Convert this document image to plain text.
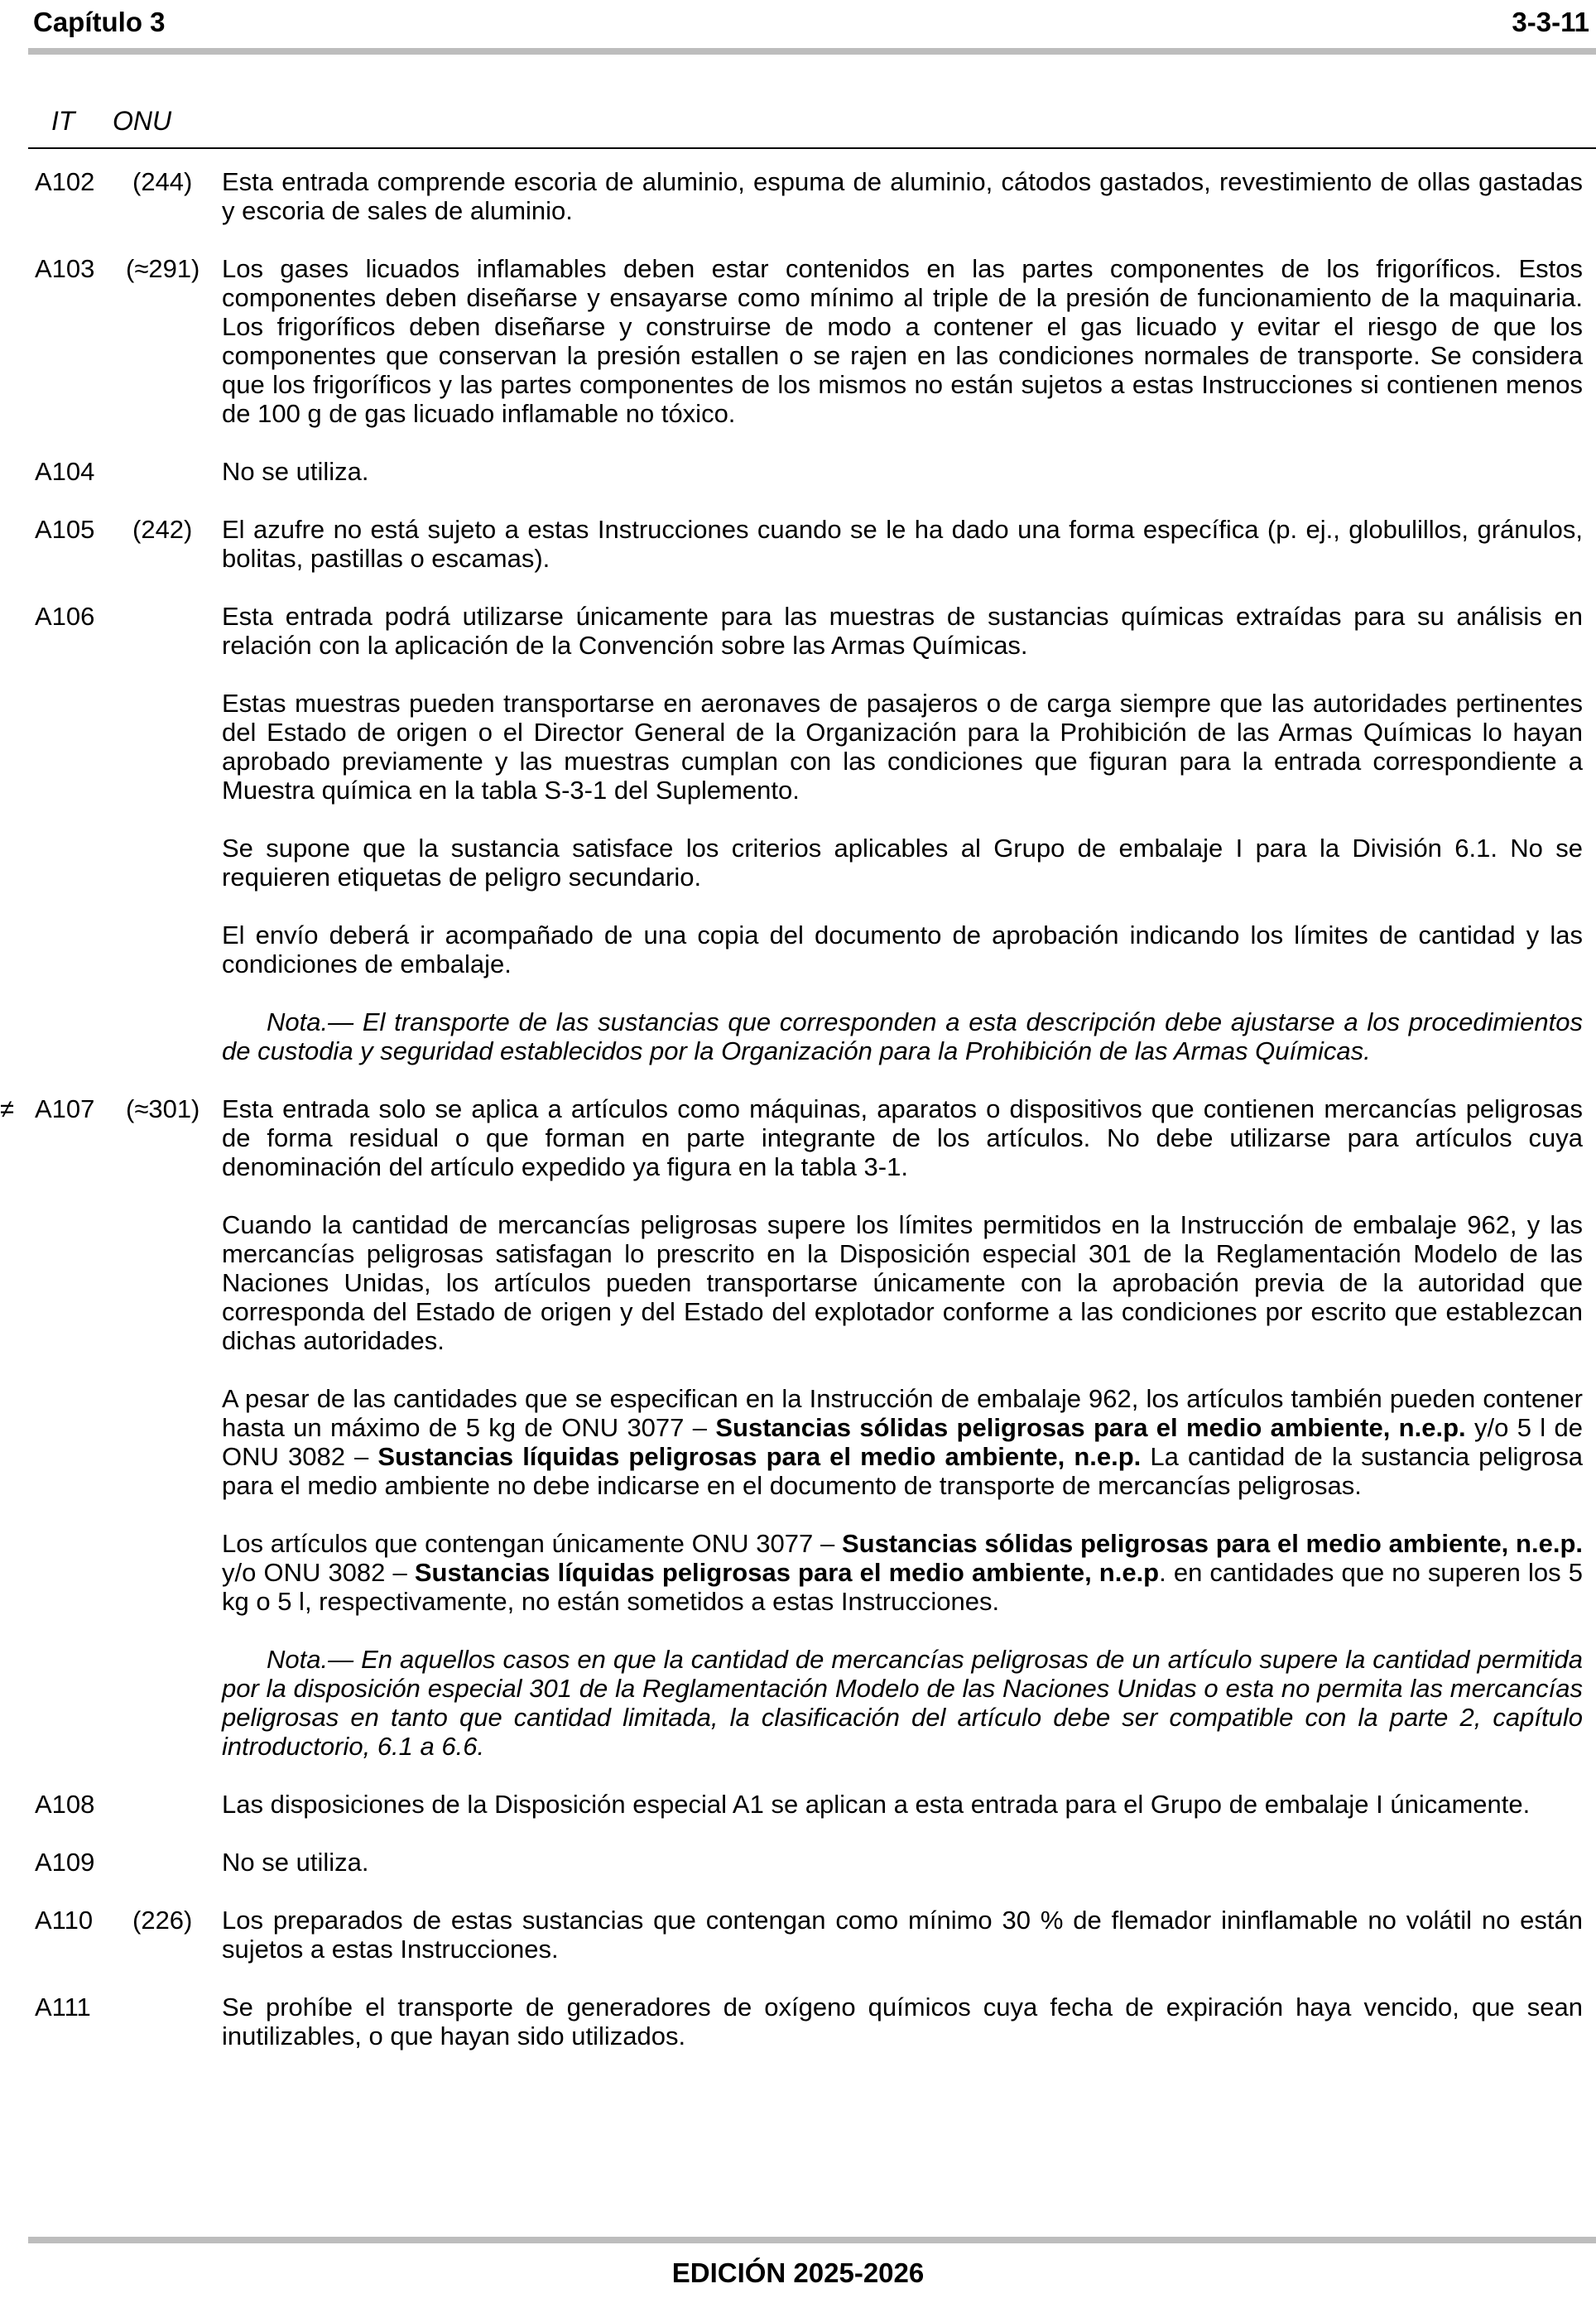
Capítulo 3	3-3-11
IT ONU
A102 (244) Esta entrada comprende escoria de aluminio, espuma de aluminio, cátodos gastados, revestimiento de ollas gastadas y escoria de sales de aluminio.

A103 (≈291) Los gases licuados inflamables deben estar contenidos en las partes componentes de los frigoríficos. Estos componentes deben diseñarse y ensayarse como mínimo al triple de la presión de funcionamiento de la maquinaria. Los frigoríficos deben diseñarse y construirse de modo a contener el gas licuado y evitar el riesgo de que los componentes que conservan la presión estallen o se rajen en las condiciones normales de transporte. Se considera que los frigoríficos y las partes componentes de los mismos no están sujetos a estas Instrucciones si contienen menos de 100 g de gas licuado inflamable no tóxico.

A104	No se utiliza.

A105 (242) El azufre no está sujeto a estas Instrucciones cuando se le ha dado una forma específica (p. ej., globulillos, gránulos, bolitas, pastillas o escamas).

A106	Esta entrada podrá utilizarse únicamente para las muestras de sustancias químicas extraídas para su análisis en relación con la aplicación de la Convención sobre las Armas Químicas.

Estas muestras pueden transportarse en aeronaves de pasajeros o de carga siempre que las autoridades pertinentes del Estado de origen o el Director General de la Organización para la Prohibición de las Armas Químicas lo hayan aprobado previamente y las muestras cumplan con las condiciones que figuran para la entrada correspondiente a Muestra química en la tabla S-3-1 del Suplemento.

Se supone que la sustancia satisface los criterios aplicables al Grupo de embalaje I para la División 6.1. No se requieren etiquetas de peligro secundario.

El envío deberá ir acompañado de una copia del documento de aprobación indicando los límites de cantidad y las condiciones de embalaje.

Nota.— El transporte de las sustancias que corresponden a esta descripción debe ajustarse a los procedimientos de custodia y seguridad establecidos por la Organización para la Prohibición de las Armas Químicas.

≠ A107 (≈301) Esta entrada solo se aplica a artículos como máquinas, aparatos o dispositivos que contienen mercancías peligrosas de forma residual o que forman en parte integrante de los artículos. No debe utilizarse para artículos cuya denominación del artículo expedido ya figura en la tabla 3-1.

Cuando la cantidad de mercancías peligrosas supere los límites permitidos en la Instrucción de embalaje 962, y las mercancías peligrosas satisfagan lo prescrito en la Disposición especial 301 de la Reglamentación Modelo de las Naciones Unidas, los artículos pueden transportarse únicamente con la aprobación previa de la autoridad que corresponda del Estado de origen y del Estado del explotador conforme a las condiciones por escrito que establezcan dichas autoridades.

A pesar de las cantidades que se especifican en la Instrucción de embalaje 962, los artículos también pueden contener hasta un máximo de 5 kg de ONU 3077 – Sustancias sólidas peligrosas para el medio ambiente, n.e.p. y/o 5 l de ONU 3082 – Sustancias líquidas peligrosas para el medio ambiente, n.e.p. La cantidad de la sustancia peligrosa para el medio ambiente no debe indicarse en el documento de transporte de mercancías peligrosas.

Los artículos que contengan únicamente ONU 3077 – Sustancias sólidas peligrosas para el medio ambiente, n.e.p. y/o ONU 3082 – Sustancias líquidas peligrosas para el medio ambiente, n.e.p. en cantidades que no superen los 5 kg o 5 l, respectivamente, no están sometidos a estas Instrucciones.

Nota.— En aquellos casos en que la cantidad de mercancías peligrosas de un artículo supere la cantidad permitida por la disposición especial 301 de la Reglamentación Modelo de las Naciones Unidas o esta no permita las mercancías peligrosas en tanto que cantidad limitada, la clasificación del artículo debe ser compatible con la parte 2, capítulo introductorio, 6.1 a 6.6.

A108	Las disposiciones de la Disposición especial A1 se aplican a esta entrada para el Grupo de embalaje I únicamente.

A109	No se utiliza.

A110 (226) Los preparados de estas sustancias que contengan como mínimo 30 % de flemador ininflamable no volátil no están sujetos a estas Instrucciones.

A111	Se prohíbe el transporte de generadores de oxígeno químicos cuya fecha de expiración haya vencido, que sean inutilizables, o que hayan sido utilizados.

EDICIÓN 2025-2026
